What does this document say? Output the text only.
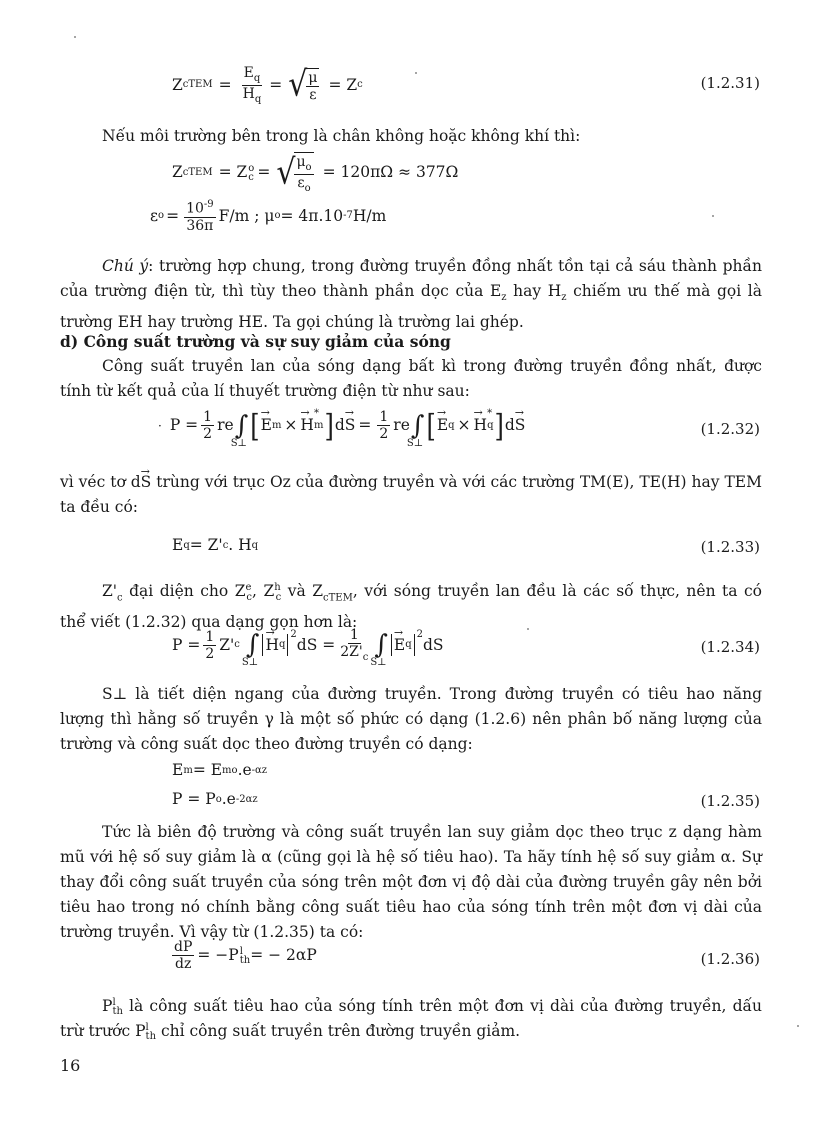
Z cTEM = $\frac{E_q}{H_q}$ = √ $\frac{\mu}{\varepsilon} = Z$ c	(1.2.31)
Nếu môi trường bên trong là chân không hoặc không khí thì:
Z cTEM = Z o
c = √ $\frac{\mu_o}{\varepsilon_o} = 120\pi\Omega \approx 377\Omega$
ε $o = \frac{10^{-9}}{36\pi} F/m$ ; μ o = 4π.10 -7 H/m
Chú ý: trường hợp chung, trong đường truyền đồng nhất tồn tại cả sáu thành phần của trường điện từ, thì tùy theo thành phần dọc của $E_z$ hay $H_z$ chiếm ưu thế mà gọi là trường EH hay trường HE. Ta gọi chúng là trường lai ghép.
d) Công suất trường và sự suy giảm của sóng
Công suất truyền lan của sóng dạng bất kì trong đường truyền đồng nhất, được tính từ kết quả của lí thuyết trường điện từ như sau:
· $P = \frac{1}{2}$ re ∫
S⊥ [
→ E m ×
→ H
*
m ] d
→ $S = \frac{1}{2}$ re ∫
S⊥ [
→ E q ×
→ H
*
q ] d
→ S	(1.2.32)
vì véc tơ d→ S trùng với trục Oz của đường truyền và với các trường TM(E), TE(H) hay TEM ta đều có:
E q = Z' c . H q	(1.2.33)
$Z'_c$ đại diện cho $Z^e_c$, $Z^h_c$ và $Z_{cTEM}$, với sóng truyền lan đều là các số thực, nên ta có thể viết (1.2.32) qua dạng gọn hơn là:
$P = \frac{1}{2} Z'$ c ∫
S⊥
→ H q
$^2$
dS = $\frac{1}{2Z'_c}$ ∫
S⊥
→ E q
$^2$
dS	(1.2.34)
S⊥ là tiết diện ngang của đường truyền. Trong đường truyền có tiêu hao năng lượng thì hằng số truyền γ là một số phức có dạng (1.2.6) nên phân bố năng lượng của trường và công suất dọc theo đường truyền có dạng:
E m = E mo .e -αz
P = P o .e -2αz	(1.2.35)
Tức là biên độ trường và công suất truyền lan suy giảm dọc theo trục z dạng hàm mũ với hệ số suy giảm là α (cũng gọi là hệ số tiêu hao). Ta hãy tính hệ số suy giảm α. Sự thay đổi công suất truyền của sóng trên một đơn vị độ dài của đường truyền gây nên bởi tiêu hao trong nó chính bằng công suất tiêu hao của sóng tính trên một đơn vị dài của trường truyền. Vì vậy từ (1.2.35) ta có:
$\frac{dP}{dz} = -P$ l
th = − 2αP	(1.2.36)
P l
th là công suất tiêu hao của sóng tính trên một đơn vị dài của đường truyền, dấu trừ trước P l
th chỉ công suất truyền trên đường truyền giảm.
16
